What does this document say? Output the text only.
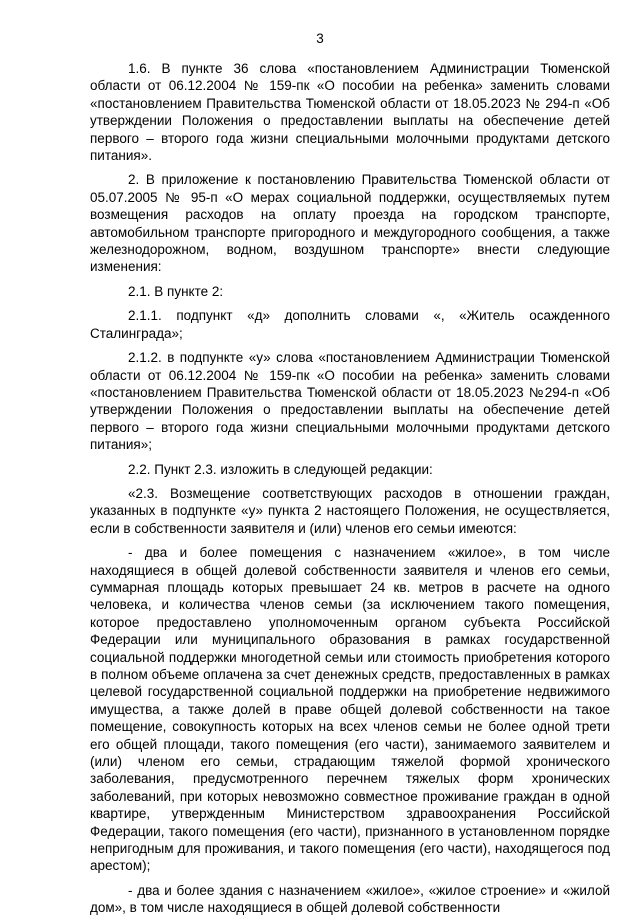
3

1.6. В пункте 36 слова «постановлением Администрации Тюменской области от 06.12.2004 № 159-пк «О пособии на ребенка» заменить словами «постановлением Правительства Тюменской области от 18.05.2023 № 294-п «Об утверждении Положения о предоставлении выплаты на обеспечение детей первого – второго года жизни специальными молочными продуктами детского питания».

2. В приложение к постановлению Правительства Тюменской области от 05.07.2005 № 95-п «О мерах социальной поддержки, осуществляемых путем возмещения расходов на оплату проезда на городском транспорте, автомобильном транспорте пригородного и междугородного сообщения, а также железнодорожном, водном, воздушном транспорте» внести следующие изменения:

2.1. В пункте 2:

2.1.1. подпункт «д» дополнить словами «, «Житель осажденного Сталинграда»;

2.1.2. в подпункте «у» слова «постановлением Администрации Тюменской области от 06.12.2004 № 159-пк «О пособии на ребенка» заменить словами «постановлением Правительства Тюменской области от 18.05.2023 №294-п «Об утверждении Положения о предоставлении выплаты на обеспечение детей первого – второго года жизни специальными молочными продуктами детского питания»;

2.2. Пункт 2.3. изложить в следующей редакции:

«2.3. Возмещение соответствующих расходов в отношении граждан, указанных в подпункте «у» пункта 2 настоящего Положения, не осуществляется, если в собственности заявителя и (или) членов его семьи имеются:

- два и более помещения с назначением «жилое», в том числе находящиеся в общей долевой собственности заявителя и членов его семьи, суммарная площадь которых превышает 24 кв. метров в расчете на одного человека, и количества членов семьи (за исключением такого помещения, которое предоставлено уполномоченным органом субъекта Российской Федерации или муниципального образования в рамках государственной социальной поддержки многодетной семьи или стоимость приобретения которого в полном объеме оплачена за счет денежных средств, предоставленных в рамках целевой государственной социальной поддержки на приобретение недвижимого имущества, а также долей в праве общей долевой собственности на такое помещение, совокупность которых на всех членов семьи не более одной трети его общей площади, такого помещения (его части), занимаемого заявителем и (или) членом его семьи, страдающим тяжелой формой хронического заболевания, предусмотренного перечнем тяжелых форм хронических заболеваний, при которых невозможно совместное проживание граждан в одной квартире, утвержденным Министерством здравоохранения Российской Федерации, такого помещения (его части), признанного в установленном порядке непригодным для проживания, и такого помещения (его части), находящегося под арестом);

- два и более здания с назначением «жилое», «жилое строение» и «жилой дом», в том числе находящиеся в общей долевой собственности
